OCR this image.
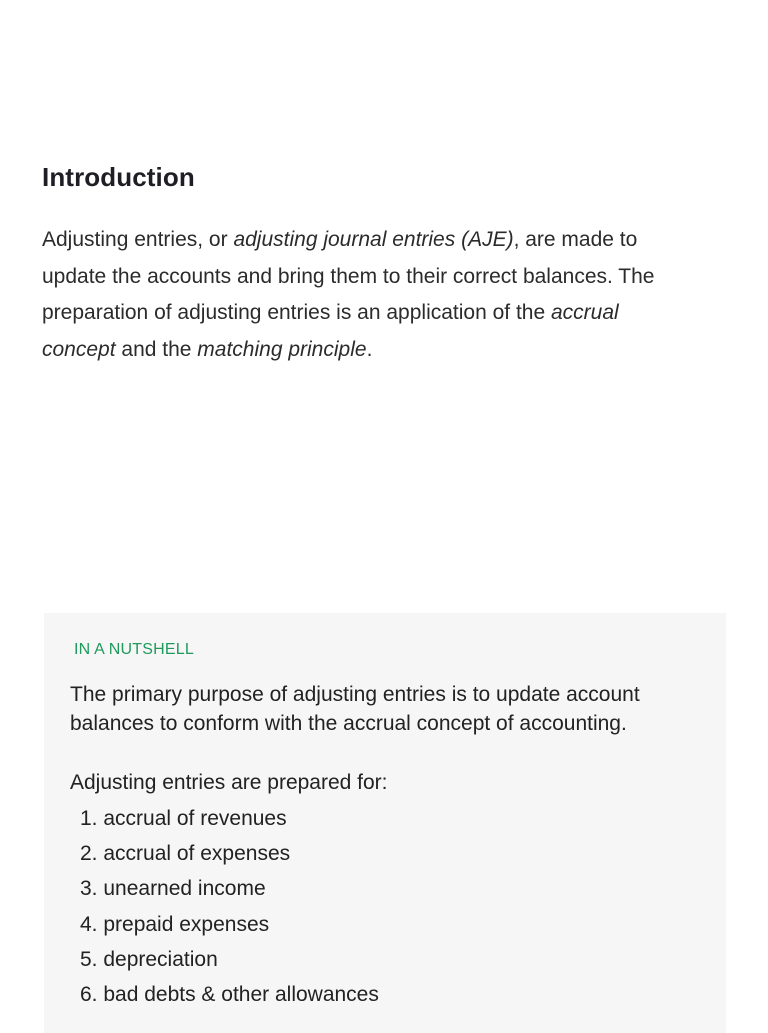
Introduction

Adjusting entries, or adjusting journal entries (AJE), are made to
update the accounts and bring them to their correct balances. The
preparation of adjusting entries is an application of the accrual
concept and the matching principle.

IN A NUTSHELL

The primary purpose of adjusting entries is to update account
balances to conform with the accrual concept of accounting.

Adjusting entries are prepared for:

1. accrual of revenues
2. accrual of expenses
3. unearned income
4. prepaid expenses
5. depreciation
6. bad debts & other allowances
